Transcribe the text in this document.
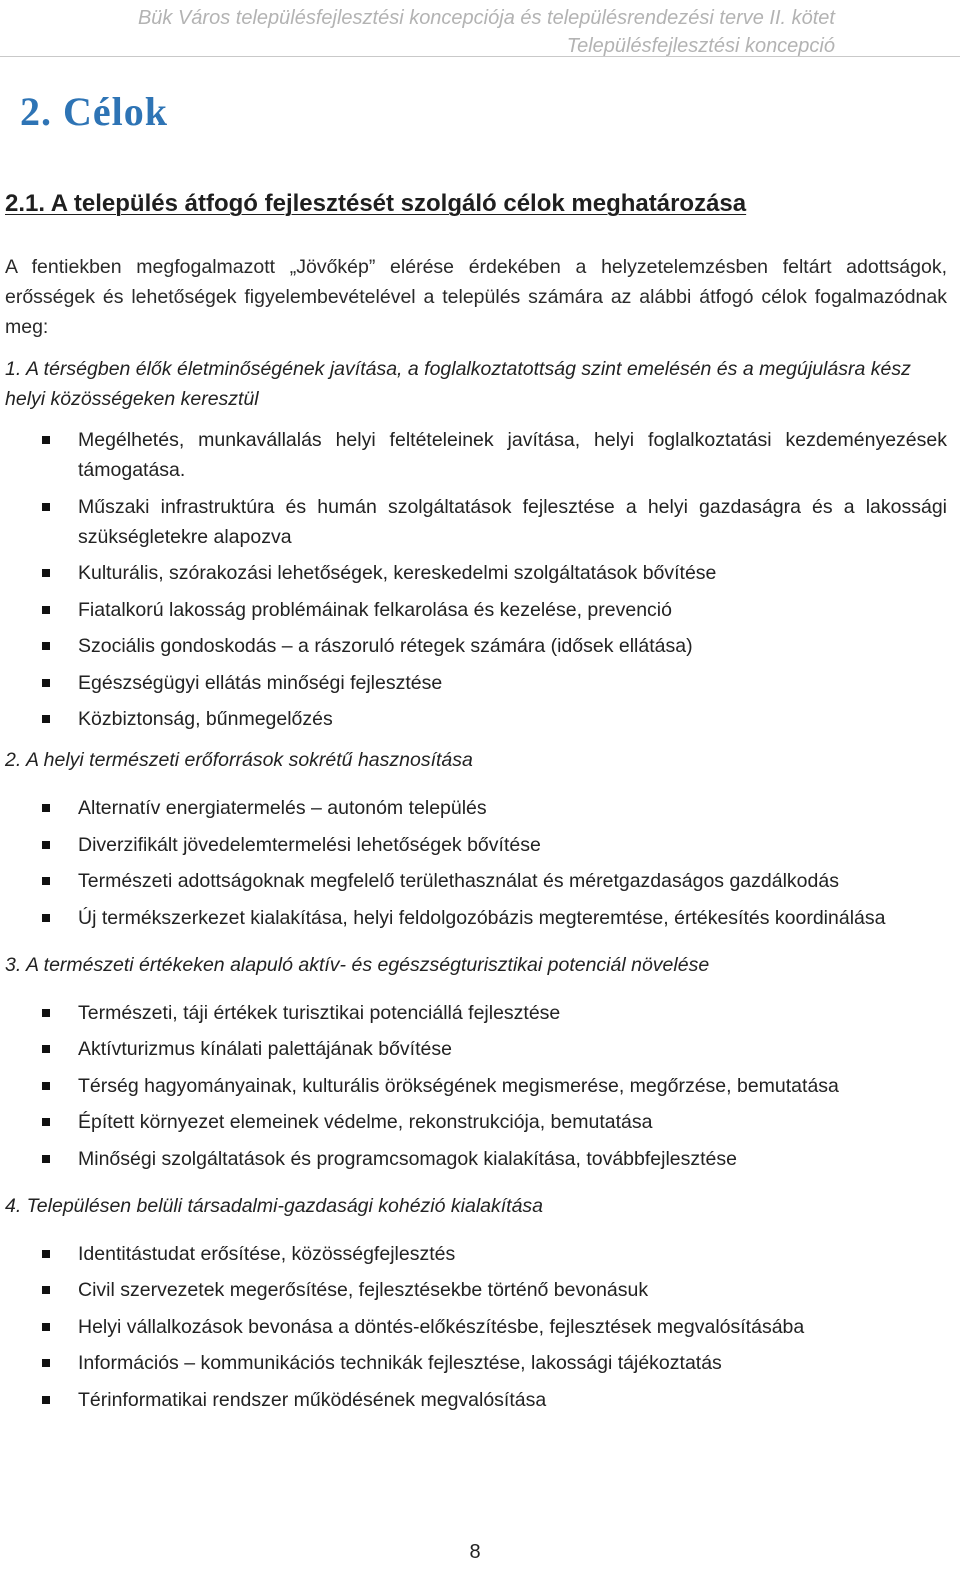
Bük Város településfejlesztési koncepciója és településrendezési terve II. kötet

Településfejlesztési koncepció

2. Célok
2.1. A település átfogó fejlesztését szolgáló célok meghatározása

A fentiekben megfogalmazott „Jövőkép” elérése érdekében a helyzetelemzésben feltárt adottságok, erősségek és lehetőségek figyelembevételével a település számára az alábbi átfogó célok fogalmazódnak meg:

1. A térségben élők életminőségének javítása, a foglalkoztatottság szint emelésén és a megújulásra kész helyi közösségeken keresztül

Megélhetés, munkavállalás helyi feltételeinek javítása, helyi foglalkoztatási kezdeményezések támogatása.
Műszaki infrastruktúra és humán szolgáltatások fejlesztése a helyi gazdaságra és a lakossági szükségletekre alapozva
Kulturális, szórakozási lehetőségek, kereskedelmi szolgáltatások bővítése
Fiatalkorú lakosság problémáinak felkarolása és kezelése, prevenció
Szociális gondoskodás – a rászoruló rétegek számára (idősek ellátása)
Egészségügyi ellátás minőségi fejlesztése
Közbiztonság, bűnmegelőzés

2. A helyi természeti erőforrások sokrétű hasznosítása

Alternatív energiatermelés – autonóm település
Diverzifikált jövedelemtermelési lehetőségek bővítése
Természeti adottságoknak megfelelő területhasználat és méretgazdaságos gazdálkodás
Új termékszerkezet kialakítása, helyi feldolgozóbázis megteremtése, értékesítés koordinálása

3. A természeti értékeken alapuló aktív- és egészségturisztikai potenciál növelése

Természeti, táji értékek turisztikai potenciállá fejlesztése
Aktívturizmus kínálati palettájának bővítése
Térség hagyományainak, kulturális örökségének megismerése, megőrzése, bemutatása
Épített környezet elemeinek védelme, rekonstrukciója, bemutatása
Minőségi szolgáltatások és programcsomagok kialakítása, továbbfejlesztése

4. Településen belüli társadalmi-gazdasági kohézió kialakítása

Identitástudat erősítése, közösségfejlesztés
Civil szervezetek megerősítése, fejlesztésekbe történő bevonásuk
Helyi vállalkozások bevonása a döntés-előkészítésbe, fejlesztések megvalósításába
Információs – kommunikációs technikák fejlesztése, lakossági tájékoztatás
Térinformatikai rendszer működésének megvalósítása
8
